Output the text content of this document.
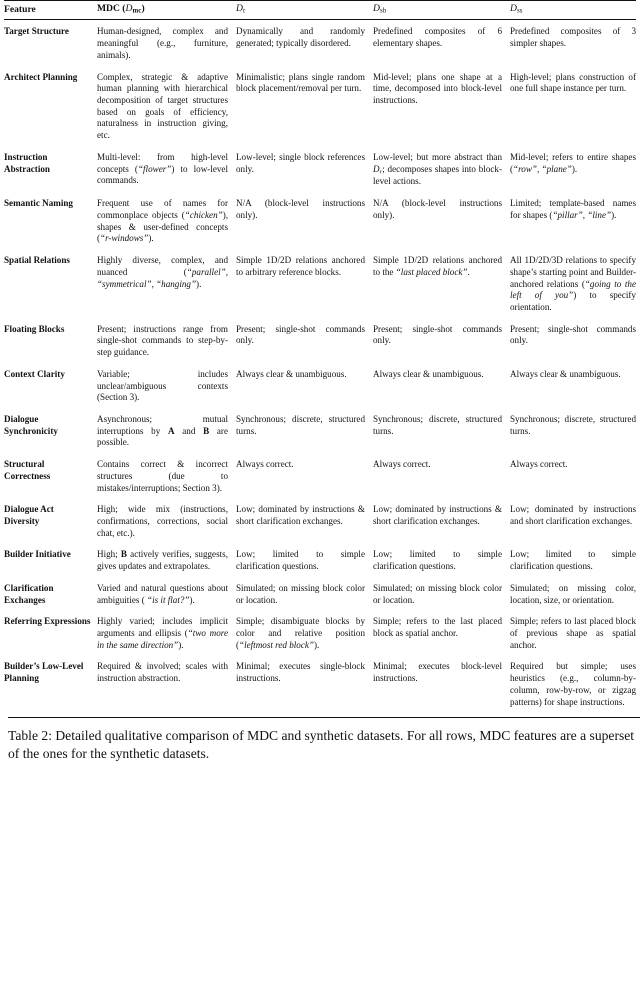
Feature	MDC $(D_{mc})$	$D_r$	$D_{sb}$	$D_{ss}$
Target Structure	Human-designed, complex and meaningful (e.g., furniture, animals).	Dynamically and randomly generated; typically disordered.	Predefined composites of 6 elementary shapes.	Predefined composites of 3 simpler shapes.
Architect Planning	Complex, strategic & adaptive human planning with hierarchical decomposition of target structures based on goals of efficiency, naturalness in instruction giving, etc.	Minimalistic; plans single random block placement/removal per turn.	Mid-level; plans one shape at a time, decomposed into block-level instructions.	High-level; plans construction of one full shape instance per turn.
Instruction Abstraction	Multi-level: from high-level concepts (“flower”) to low-level commands.	Low-level; single block references only.	Low-level; but more abstract than $D_r$; decomposes shapes into block-level actions.	Mid-level; refers to entire shapes (“row”, “plane”).
Semantic Naming	Frequent use of names for commonplace objects (“chicken”), shapes & user-defined concepts (“r-windows”).	N/A (block-level instructions only).	N/A (block-level instructions only).	Limited; template-based names for shapes (“pillar”, “line”).
Spatial Relations	Highly diverse, complex, and nuanced (“parallel”, “symmetrical”, “hanging”).	Simple 1D/2D relations anchored to arbitrary reference blocks.	Simple 1D/2D relations anchored to the “last placed block”.	All 1D/2D/3D relations to specify shape’s starting point and Builder-anchored relations (“going to the left of you”) to specify orientation.
Floating Blocks	Present; instructions range from single-shot commands to step-by-step guidance.	Present; single-shot commands only.	Present; single-shot commands only.	Present; single-shot commands only.
Context Clarity	Variable; includes unclear/ambiguous contexts (Section 3).	Always clear & unambiguous.	Always clear & unambiguous.	Always clear & unambiguous.
Dialogue Synchronicity	Asynchronous; mutual interruptions by A and B are possible.	Synchronous; discrete, structured turns.	Synchronous; discrete, structured turns.	Synchronous; discrete, structured turns.
Structural Correctness	Contains correct & incorrect structures (due to mistakes/interruptions; Section 3).	Always correct.	Always correct.	Always correct.
Dialogue Act Diversity	High; wide mix (instructions, confirmations, corrections, social chat, etc.).	Low; dominated by instructions & short clarification exchanges.	Low; dominated by instructions & short clarification exchanges.	Low; dominated by instructions and short clarification exchanges.
Builder Initiative	High; B actively verifies, suggests, gives updates and extrapolates.	Low; limited to simple clarification questions.	Low; limited to simple clarification questions.	Low; limited to simple clarification questions.
Clarification Exchanges	Varied and natural questions about ambiguities ( “is it flat?”).	Simulated; on missing block color or location.	Simulated; on missing block color or location.	Simulated; on missing color, location, size, or orientation.
Referring Expressions	Highly varied; includes implicit arguments and ellipsis (“two more in the same direction”).	Simple; disambiguate blocks by color and relative position (“leftmost red block”).	Simple; refers to the last placed block as spatial anchor.	Simple; refers to last placed block of previous shape as spatial anchor.
Builder’s Low-Level Planning	Required & involved; scales with instruction abstraction.	Minimal; executes single-block instructions.	Minimal; executes block-level instructions.	Required but simple; uses heuristics (e.g., column-by-column, row-by-row, or zigzag patterns) for shape instructions.
Table 2: Detailed qualitative comparison of MDC and synthetic datasets. For all rows, MDC features are a superset of the ones for the synthetic datasets.
